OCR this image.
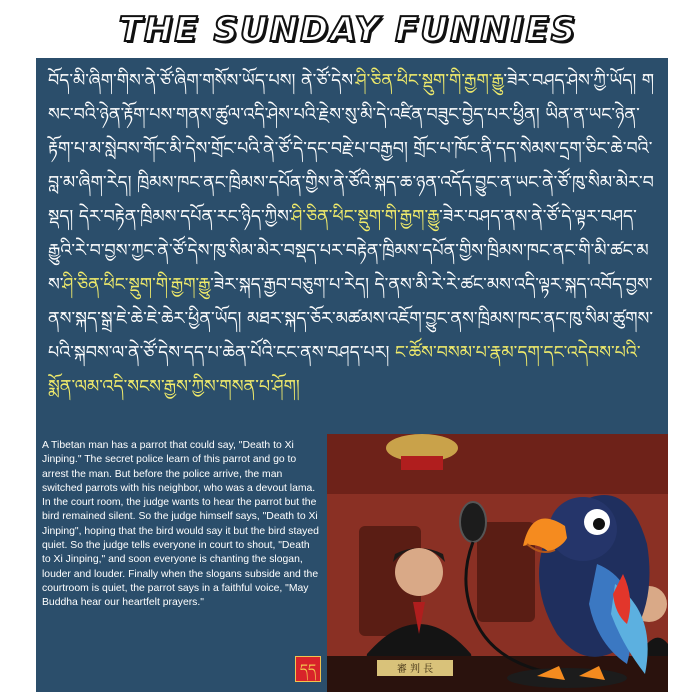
THE SUNDAY FUNNIES
བོད་མི་ཞིག་གིས་ནེ་ཙོ་ཞིག་གསོས་ཡོད་པས། ནེ་ཙོ་དེས་ཤི་ཅིན་ཕིང་སྡུག་གི་རྒྱག་རྒྱུ་ཟེར་བཤད་ཤེས་ཀྱི་ཡོད། གསང་བའི་ཉེན་རྟོག་པས་གནས་ཚུལ་འདི་ཤེས་པའི་རྗེས་སུ་མི་དེ་འཛིན་བཟུང་བྱེད་པར་ཕྱིན། ཡིན་ན་ཡང་ཉེན་རྟོག་པ་མ་སླེབས་གོང་མི་དེས་གྲོང་པའི་ནེ་ཙོ་དེ་དང་བརྗེ་པ་བརྒྱབ། གྲོང་པ་ཁོང་ནི་དད་སེམས་དྲག་ཅིང་ཆེ་བའི་བླ་མ་ཞིག་རེད། ཁྲིམས་ཁང་ནང་ཁྲིམས་དཔོན་གྱིས་ནེ་ཙོའི་སྐད་ཆ་ཉན་འདོད་བྱུང་ན་ཡང་ནེ་ཙོ་ཁུ་སིམ་མེར་བསྡད། དེར་བརྟེན་ཁྲིམས་དཔོན་རང་ཉིད་ཀྱིས་ཤི་ཅིན་ཕིང་སྡུག་གི་རྒྱག་རྒྱུ་ཟེར་བཤད་ནས་ནེ་ཙོ་དེ་ལྟར་བཤད་རྒྱུའི་རེ་བ་བྱས་ཀྱང་ནེ་ཙོ་དེས་ཁུ་སིམ་མེར་བསྡད་པར་བརྟེན་ཁྲིམས་དཔོན་གྱིས་ཁྲིམས་ཁང་ནང་གི་མི་ཚང་མས་ཤི་ཅིན་ཕིང་སྡུག་གི་རྒྱག་རྒྱུ་ཟེར་སྐད་རྒྱབ་བཅུག་པ་རེད། དེ་ནས་མི་རེ་རེ་ཚང་མས་འདི་ལྟར་སྐད་འབོད་བྱས་ནས་སྐད་སྒྲ་ཇེ་ཆེ་ཇེ་ཆེར་ཕྱིན་ཡོད། མཐར་སྐད་ཅོར་མཚམས་འཇོག་བྱུང་ནས་ཁྲིམས་ཁང་ནང་ཁུ་སིམ་ཚུགས་པའི་སྐབས་ལ་ནེ་ཙོ་དེས་དད་པ་ཆེན་པོའི་ངང་ནས་བཤད་པར། ང་ཚོས་བསམ་པ་རྣམ་དག་དང་འདེབས་པའི་སྨོན་ལམ་འདི་སངས་རྒྱས་ཀྱིས་གསན་པ་ཤོག།
A Tibetan man has a parrot that could say, "Death to Xi Jinping." The secret police learn of this parrot and go to arrest the man. But before the police arrive, the man switched parrots with his neighbor, who was a devout lama. In the court room, the judge wants to hear the parrot but the bird remained silent. So the judge himself says, "Death to Xi Jinping", hoping that the bird would say it but the bird stayed quiet. So the judge tells everyone in court to shout, "Death to Xi Jinping," and soon everyone is chanting the slogan, louder and louder. Finally when the slogans subside and the courtroom is quiet, the parrot says in a faithful voice, "May Buddha hear our heartfelt prayers."
དད	審 判 長
